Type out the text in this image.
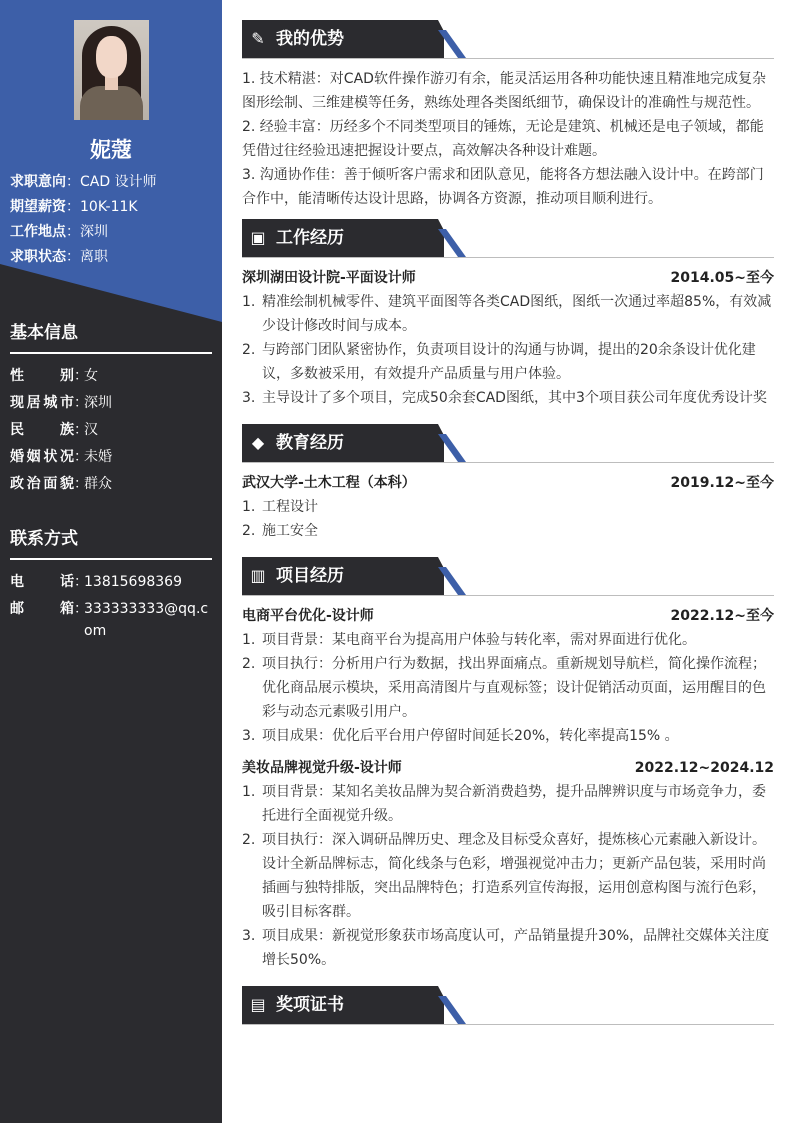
妮蔻
求职意向：CAD 设计师
期望薪资：10K-11K
工作地点：深圳
求职状态：离职
基本信息
性别 ：
女
现居城市 ：
深圳
民族 ：
汉
婚姻状况 ：
未婚
政治面貌 ：
群众
联系方式
电话 ：
13815698369
邮箱 ：
333333333@qq.com
✎ 我的优势

1. 技术精湛：对CAD软件操作游刃有余，能灵活运用各种功能快速且精准地完成复杂图形绘制、三维建模等任务，熟练处理各类图纸细节，确保设计的准确性与规范性。

2. 经验丰富：历经多个不同类型项目的锤炼，无论是建筑、机械还是电子领域，都能凭借过往经验迅速把握设计要点，高效解决各种设计难题。

3. 沟通协作佳：善于倾听客户需求和团队意见，能将各方想法融入设计中。在跨部门合作中，能清晰传达设计思路，协调各方资源，推动项目顺利进行。

▣ 工作经历
深圳湖田设计院-平面设计师	2014.05~至今
1. 精准绘制机械零件、建筑平面图等各类CAD图纸，图纸一次通过率超85%，有效减少设计修改时间与成本。
2. 与跨部门团队紧密协作，负责项目设计的沟通与协调，提出的20余条设计优化建议，多数被采用，有效提升产品质量与用户体验。
3. 主导设计了多个项目，完成50余套CAD图纸，其中3个项目获公司年度优秀设计奖
◆ 教育经历
武汉大学-土木工程（本科）	2019.12~至今
1. 工程设计
2. 施工安全
▥ 项目经历
电商平台优化-设计师	2022.12~至今
1. 项目背景：某电商平台为提高用户体验与转化率，需对界面进行优化。
2. 项目执行：分析用户行为数据，找出界面痛点。重新规划导航栏，简化操作流程；优化商品展示模块，采用高清图片与直观标签；设计促销活动页面，运用醒目的色彩与动态元素吸引用户。
3. 项目成果：优化后平台用户停留时间延长20%，转化率提高15% 。
美妆品牌视觉升级-设计师	2022.12~2024.12
1. 项目背景：某知名美妆品牌为契合新消费趋势，提升品牌辨识度与市场竞争力，委托进行全面视觉升级。
2. 项目执行：深入调研品牌历史、理念及目标受众喜好，提炼核心元素融入新设计。设计全新品牌标志，简化线条与色彩，增强视觉冲击力；更新产品包装，采用时尚插画与独特排版，突出品牌特色；打造系列宣传海报，运用创意构图与流行色彩，吸引目标客群。
3. 项目成果：新视觉形象获市场高度认可，产品销量提升30%，品牌社交媒体关注度增长50%。
▤ 奖项证书
